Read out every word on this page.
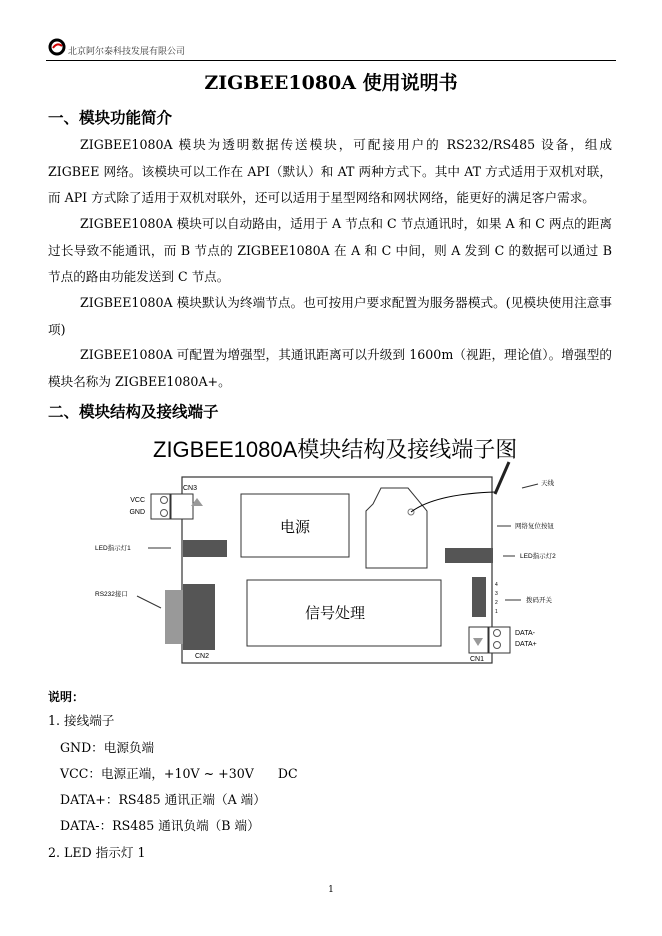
北京阿尔泰科技发展有限公司
ZIGBEE1080A 使用说明书
一、模块功能简介
ZIGBEE1080A 模块为透明数据传送模块，可配接用户的 RS232/RS485 设备，组成 ZIGBEE 网络。该模块可以工作在 API（默认）和 AT 两种方式下。其中 AT 方式适用于双机对联，而 API 方式除了适用于双机对联外，还可以适用于星型网络和网状网络，能更好的满足客户需求。
ZIGBEE1080A 模块可以自动路由，适用于 A 节点和 C 节点通讯时，如果 A 和 C 两点的距离过长导致不能通讯，而 B 节点的 ZIGBEE1080A 在 A 和 C 中间，则 A 发到 C 的数据可以通过 B 节点的路由功能发送到 C 节点。
ZIGBEE1080A 模块默认为终端节点。也可按用户要求配置为服务器模式。(见模块使用注意事项)
ZIGBEE1080A 可配置为增强型，其通讯距离可以升级到 1600m（视距，理论值）。增强型的模块名称为 ZIGBEE1080A+。
二、模块结构及接线端子
ZIGBEE1080A模块结构及接线端子图
VCC
GND
CN3
电源
天线
网络复位按钮
LED指示灯1
LED指示灯2
信号处理
4
3
2
1
拨码开关
RS232接口
CN2
DATA-
DATA+
CN1
说明：
1. 接线端子
GND：电源负端
VCC：电源正端，+10V ~ +30V      DC
DATA+：RS485 通讯正端（A 端）
DATA-：RS485 通讯负端（B 端）
2. LED 指示灯 1
1
